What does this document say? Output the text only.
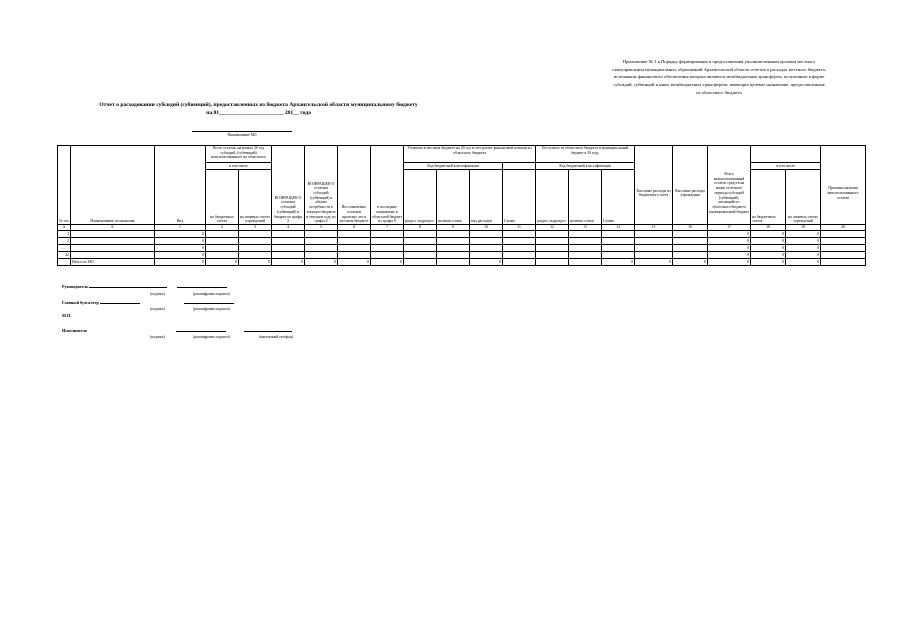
Приложение № 1 к Порядку формирования и предоставления уполномоченным органом местного
самоуправления муниципальных образований Архангельской области отчетов о расходах местного бюджета,
источником финансового обеспечения которых являются межбюджетные трансферты, полученные в форме
субсидий, субвенций и иных межбюджетных трансфертов, имеющих целевое назначение, предоставленные
из областного бюджета
Отчет о расходовании субсидий (субвенций), предоставленных из бюджета Архангельской области муниципальному бюджету
на 01_______________________ 201__ года
Наименование МО
№ п/п	Наименование полномочия		Всего остаток, на начало 20 год субсидий, (субвенций) неиспользованного на областного						Уплачено в местном бюджете на 20 год в счет расчет финансовой помощи из областного бюджета				Поступило из областного бюджета в муниципальный бюджет в 20 году								
		Вид	в том числе		ВОЗВРАЩЕН О остатков субсидий (субвенций) в бюджет из графы 2	ВОЗВРАЩЕН О остатков субсидий (субвенций) в объеме потребности в текущем бюджете в текущем году из графы 4	Восстановлено остатков прошлых лет в местном бюджете	в последние направлено в областной бюджет из графы 6	Код бюджетной классификации				Код бюджетной классификации			Кассовые расходы из бюджетного счета	Кассовые расходы учреждения	Всего неиспользованный остаток средств на конец отчетного периода субсидий (субвенций), числящийся с областного бюджета муниципальный бюджет	в том числе		Причины наличия неиспользованного остатка
			на бюджетных счетах	на лицевых счетах учреждений					раздел, подраздел	целевая статья	вид расходов	Сумма	раздел, подраздел	целевая статья	Сумма				на бюджетных счетах	на лицевых счетах учреждений	
А	Б	1	2	3	4	5	6	7	8	9	10	11	12	13	14	15	16	17	18	19	20
1		0																0	0	0	
2		0																0	0	0	
……		0																0	0	0	
22		0																0	0	0	
	Итого по МО	0	0	0	0	0	0	0			0				0	0	0	0	0	0	
Руководитель
(подпись)	(расшифровка подписи)
Главный бухгалтер
(подпись)	(расшифровка подписи)
М.П.
Исполнитель
(подпись)	(расшифровка подписи)	(контактный телефон)
